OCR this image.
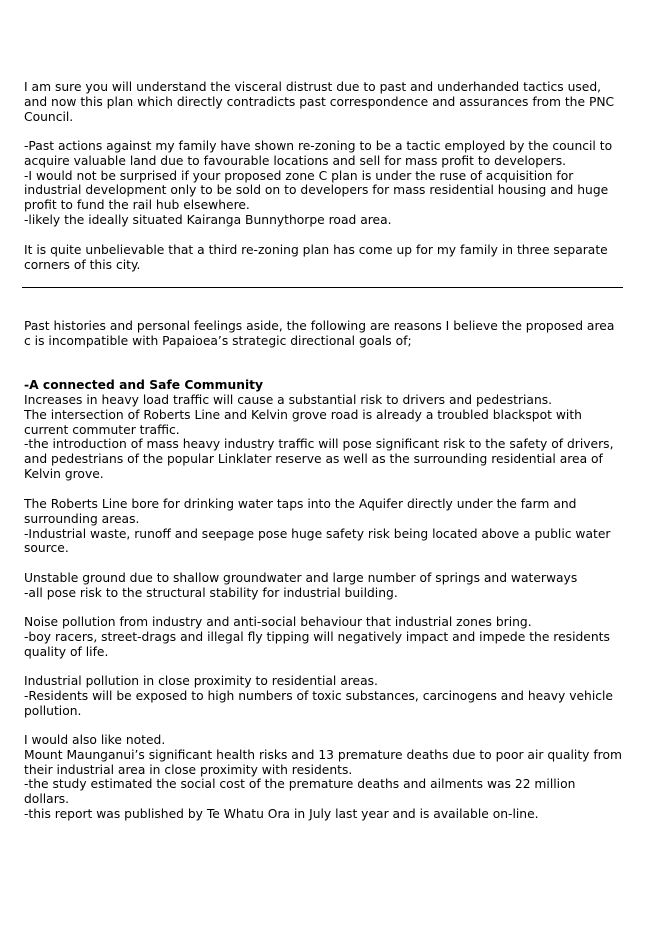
I am sure you will understand the visceral distrust due to past and underhanded tactics used,
and now this plan which directly contradicts past correspondence and assurances from the PNC
Council.
-Past actions against my family have shown re-zoning to be a tactic employed by the council to
acquire valuable land due to favourable locations and sell for mass profit to developers.
-I would not be surprised if your proposed zone C plan is under the ruse of acquisition for
industrial development only to be sold on to developers for mass residential housing and huge
profit to fund the rail hub elsewhere.
-likely the ideally situated Kairanga Bunnythorpe road area.
It is quite unbelievable that a third re-zoning plan has come up for my family in three separate
corners of this city.
Past histories and personal feelings aside, the following are reasons I believe the proposed area
c is incompatible with Papaioea’s strategic directional goals of;
-A connected and Safe Community
Increases in heavy load traffic will cause a substantial risk to drivers and pedestrians.
The intersection of Roberts Line and Kelvin grove road is already a troubled blackspot with
current commuter traffic.
-the introduction of mass heavy industry traffic will pose significant risk to the safety of drivers,
and pedestrians of the popular Linklater reserve as well as the surrounding residential area of
Kelvin grove.
The Roberts Line bore for drinking water taps into the Aquifer directly under the farm and
surrounding areas.
-Industrial waste, runoff and seepage pose huge safety risk being located above a public water
source.
Unstable ground due to shallow groundwater and large number of springs and waterways
-all pose risk to the structural stability for industrial building.
Noise pollution from industry and anti-social behaviour that industrial zones bring.
-boy racers, street-drags and illegal fly tipping will negatively impact and impede the residents
quality of life.
Industrial pollution in close proximity to residential areas.
-Residents will be exposed to high numbers of toxic substances, carcinogens and heavy vehicle
pollution.
I would also like noted.
Mount Maunganui’s significant health risks and 13 premature deaths due to poor air quality from
their industrial area in close proximity with residents.
-the study estimated the social cost of the premature deaths and ailments was 22 million
dollars.
-this report was published by Te Whatu Ora in July last year and is available on-line.
